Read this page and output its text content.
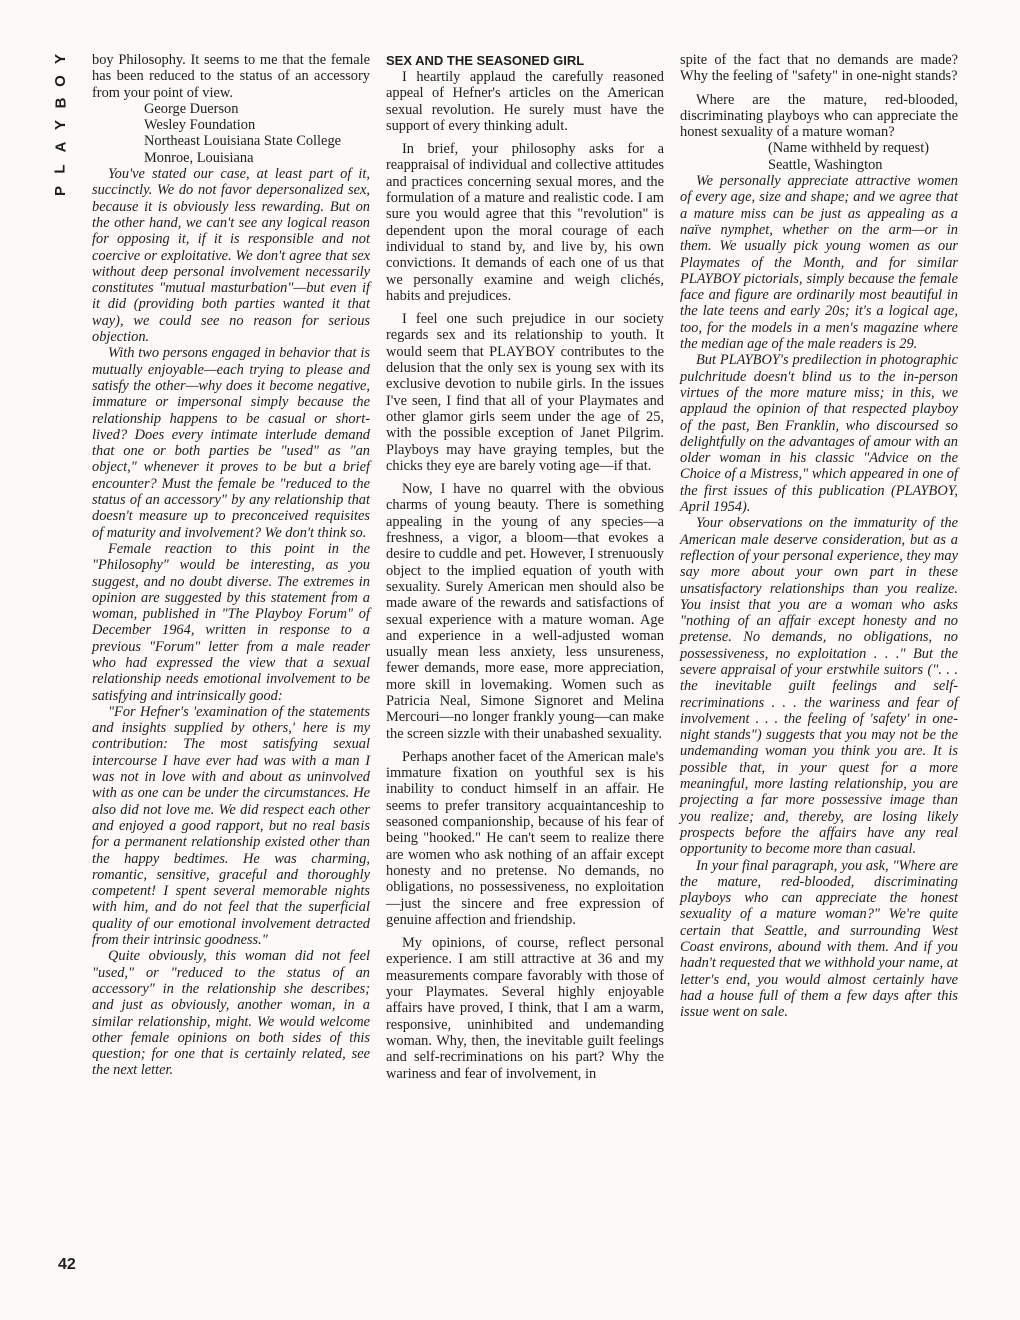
Y
O
B
Y
A
L
P
42

boy Philosophy. It seems to me that the female has been reduced to the status of an accessory from your point of view.

George Duerson
Wesley Foundation
Northeast Louisiana State College
Monroe, Louisiana

You've stated our case, at least part of it, succinctly. We do not favor depersonalized sex, because it is obviously less rewarding. But on the other hand, we can't see any logical reason for opposing it, if it is responsible and not coercive or exploitative. We don't agree that sex without deep personal involvement necessarily constitutes "mutual masturbation"—but even if it did (providing both parties wanted it that way), we could see no reason for serious objection.

With two persons engaged in behavior that is mutually enjoyable—each trying to please and satisfy the other—why does it become negative, immature or impersonal simply because the relationship happens to be casual or short-lived? Does every intimate interlude demand that one or both parties be "used" as "an object," whenever it proves to be but a brief encounter? Must the female be "reduced to the status of an accessory" by any relationship that doesn't measure up to preconceived requisites of maturity and involvement? We don't think so.

Female reaction to this point in the "Philosophy" would be interesting, as you suggest, and no doubt diverse. The extremes in opinion are suggested by this statement from a woman, published in "The Playboy Forum" of December 1964, written in response to a previous "Forum" letter from a male reader who had expressed the view that a sexual relationship needs emotional involvement to be satisfying and intrinsically good:

"For Hefner's 'examination of the statements and insights supplied by others,' here is my contribution: The most satisfying sexual intercourse I have ever had was with a man I was not in love with and about as uninvolved with as one can be under the circumstances. He also did not love me. We did respect each other and enjoyed a good rapport, but no real basis for a permanent relationship existed other than the happy bedtimes. He was charming, romantic, sensitive, graceful and thoroughly competent! I spent several memorable nights with him, and do not feel that the superficial quality of our emotional involvement detracted from their intrinsic goodness."

Quite obviously, this woman did not feel "used," or "reduced to the status of an accessory" in the relationship she describes; and just as obviously, another woman, in a similar relationship, might. We would welcome other female opinions on both sides of this question; for one that is certainly related, see the next letter.

SEX AND THE SEASONED GIRL

I heartily applaud the carefully reasoned appeal of Hefner's articles on the American sexual revolution. He surely must have the support of every thinking adult.

In brief, your philosophy asks for a reappraisal of individual and collective attitudes and practices concerning sexual mores, and the formulation of a mature and realistic code. I am sure you would agree that this "revolution" is dependent upon the moral courage of each individual to stand by, and live by, his own convictions. It demands of each one of us that we personally examine and weigh clichés, habits and prejudices.

I feel one such prejudice in our society regards sex and its relationship to youth. It would seem that PLAYBOY contributes to the delusion that the only sex is young sex with its exclusive devotion to nubile girls. In the issues I've seen, I find that all of your Playmates and other glamor girls seem under the age of 25, with the possible exception of Janet Pilgrim. Playboys may have graying temples, but the chicks they eye are barely voting age—if that.

Now, I have no quarrel with the obvious charms of young beauty. There is something appealing in the young of any species—a freshness, a vigor, a bloom—that evokes a desire to cuddle and pet. However, I strenuously object to the implied equation of youth with sexuality. Surely American men should also be made aware of the rewards and satisfactions of sexual experience with a mature woman. Age and experience in a well-adjusted woman usually mean less anxiety, less unsureness, fewer demands, more ease, more appreciation, more skill in lovemaking. Women such as Patricia Neal, Simone Signoret and Melina Mercouri—no longer frankly young—can make the screen sizzle with their unabashed sexuality.

Perhaps another facet of the American male's immature fixation on youthful sex is his inability to conduct himself in an affair. He seems to prefer transitory acquaintanceship to seasoned companionship, because of his fear of being "hooked." He can't seem to realize there are women who ask nothing of an affair except honesty and no pretense. No demands, no obligations, no possessiveness, no exploitation—just the sincere and free expression of genuine affection and friendship.

My opinions, of course, reflect personal experience. I am still attractive at 36 and my measurements compare favorably with those of your Playmates. Several highly enjoyable affairs have proved, I think, that I am a warm, responsive, uninhibited and undemanding woman. Why, then, the inevitable guilt feelings and self-recriminations on his part? Why the wariness and fear of involvement, in

spite of the fact that no demands are made? Why the feeling of "safety" in one-night stands?

Where are the mature, red-blooded, discriminating playboys who can appreciate the honest sexuality of a mature woman?

(Name withheld by request)
Seattle, Washington

We personally appreciate attractive women of every age, size and shape; and we agree that a mature miss can be just as appealing as a naïve nymphet, whether on the arm—or in them. We usually pick young women as our Playmates of the Month, and for similar PLAYBOY pictorials, simply because the female face and figure are ordinarily most beautiful in the late teens and early 20s; it's a logical age, too, for the models in a men's magazine where the median age of the male readers is 29.

But PLAYBOY's predilection in photographic pulchritude doesn't blind us to the in-person virtues of the more mature miss; in this, we applaud the opinion of that respected playboy of the past, Ben Franklin, who discoursed so delightfully on the advantages of amour with an older woman in his classic "Advice on the Choice of a Mistress," which appeared in one of the first issues of this publication (PLAYBOY, April 1954).

Your observations on the immaturity of the American male deserve consideration, but as a reflection of your personal experience, they may say more about your own part in these unsatisfactory relationships than you realize. You insist that you are a woman who asks "nothing of an affair except honesty and no pretense. No demands, no obligations, no possessiveness, no exploitation . . ." But the severe appraisal of your erstwhile suitors (". . . the inevitable guilt feelings and self-recriminations . . . the wariness and fear of involvement . . . the feeling of 'safety' in one-night stands") suggests that you may not be the undemanding woman you think you are. It is possible that, in your quest for a more meaningful, more lasting relationship, you are projecting a far more possessive image than you realize; and, thereby, are losing likely prospects before the affairs have any real opportunity to become more than casual.

In your final paragraph, you ask, "Where are the mature, red-blooded, discriminating playboys who can appreciate the honest sexuality of a mature woman?" We're quite certain that Seattle, and surrounding West Coast environs, abound with them. And if you hadn't requested that we withhold your name, at letter's end, you would almost certainly have had a house full of them a few days after this issue went on sale.
